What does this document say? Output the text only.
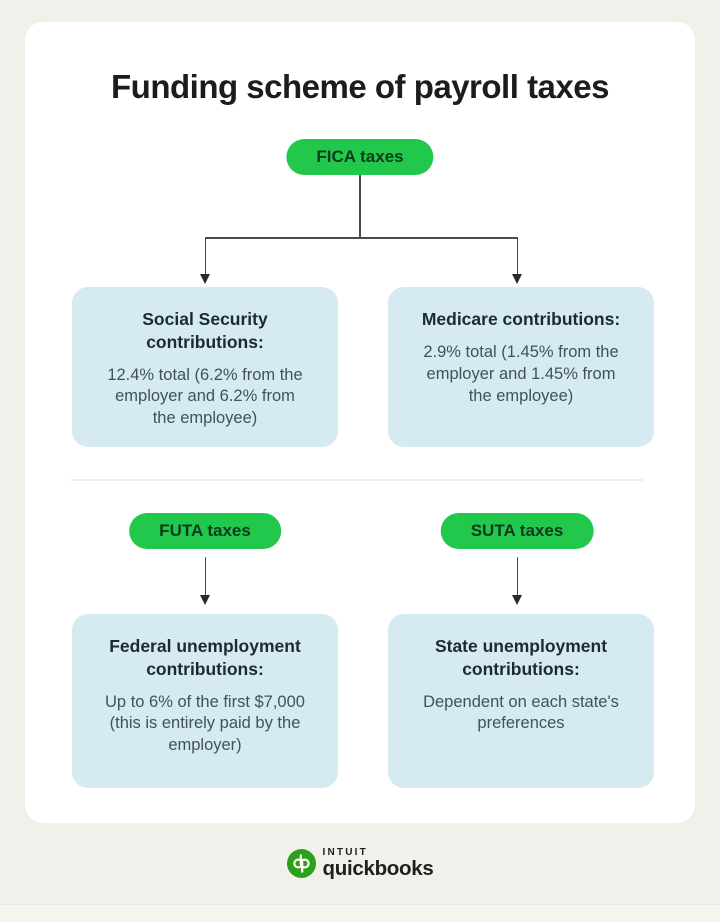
Funding scheme of payroll taxes
FICA taxes
Social Security contributions:
12.4% total (6.2% from the employer and 6.2% from the employee)
Medicare contributions:
2.9% total (1.45% from the employer and 1.45% from the employee)
FUTA taxes	SUTA taxes
Federal unemployment contributions:
Up to 6% of the first $7,000 (this is entirely paid by the employer)
State unemployment contributions:
Dependent on each state's preferences
INTUIT
quickbooks
